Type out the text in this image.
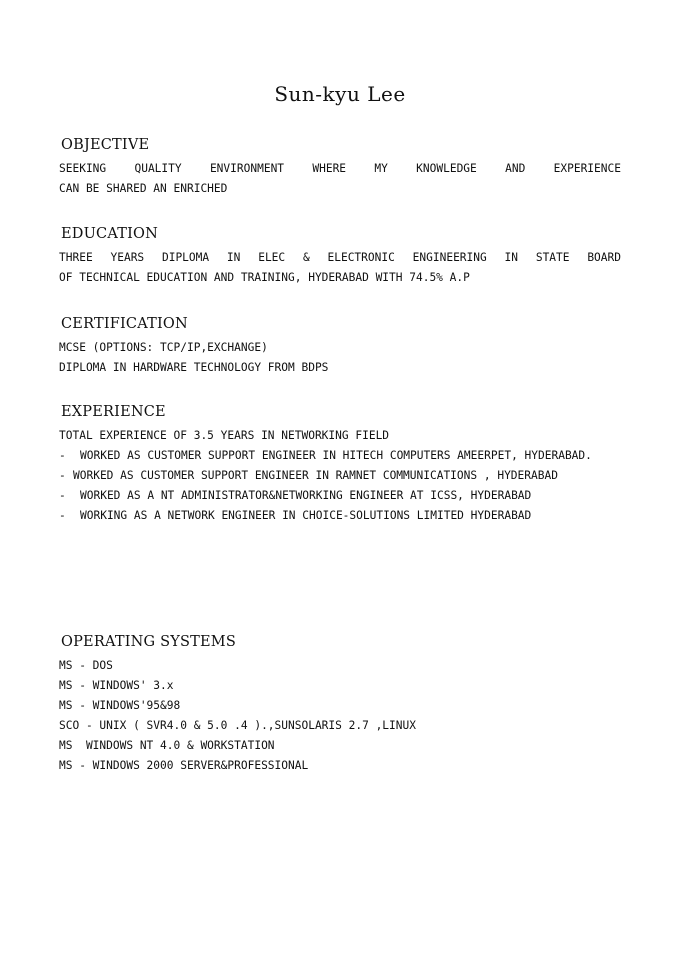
Sun-kyu Lee
OBJECTIVE
SEEKING QUALITY ENVIRONMENT WHERE MY KNOWLEDGE AND EXPERIENCE
CAN BE SHARED AN ENRICHED
EDUCATION
THREE YEARS DIPLOMA IN ELEC & ELECTRONIC ENGINEERING IN STATE BOARD
OF TECHNICAL EDUCATION AND TRAINING, HYDERABAD WITH 74.5% A.P
CERTIFICATION
MCSE (OPTIONS: TCP/IP,EXCHANGE)
DIPLOMA IN HARDWARE TECHNOLOGY FROM BDPS
EXPERIENCE
TOTAL EXPERIENCE OF 3.5 YEARS IN NETWORKING FIELD
-	WORKED AS CUSTOMER SUPPORT ENGINEER IN HITECH COMPUTERS AMEERPET, HYDERABAD.
- WORKED AS CUSTOMER SUPPORT ENGINEER IN RAMNET COMMUNICATIONS , HYDERABAD
-	WORKED AS A NT ADMINISTRATOR&NETWORKING ENGINEER AT ICSS, HYDERABAD
-	WORKING AS A NETWORK ENGINEER IN CHOICE-SOLUTIONS LIMITED HYDERABAD
OPERATING SYSTEMS
MS - DOS
MS - WINDOWS' 3.x
MS - WINDOWS'95&98
SCO - UNIX ( SVR4.0 & 5.0 .4 ).,SUNSOLARIS 2.7 ,LINUX
MS  WINDOWS NT 4.0 & WORKSTATION
MS - WINDOWS 2000 SERVER&PROFESSIONAL
